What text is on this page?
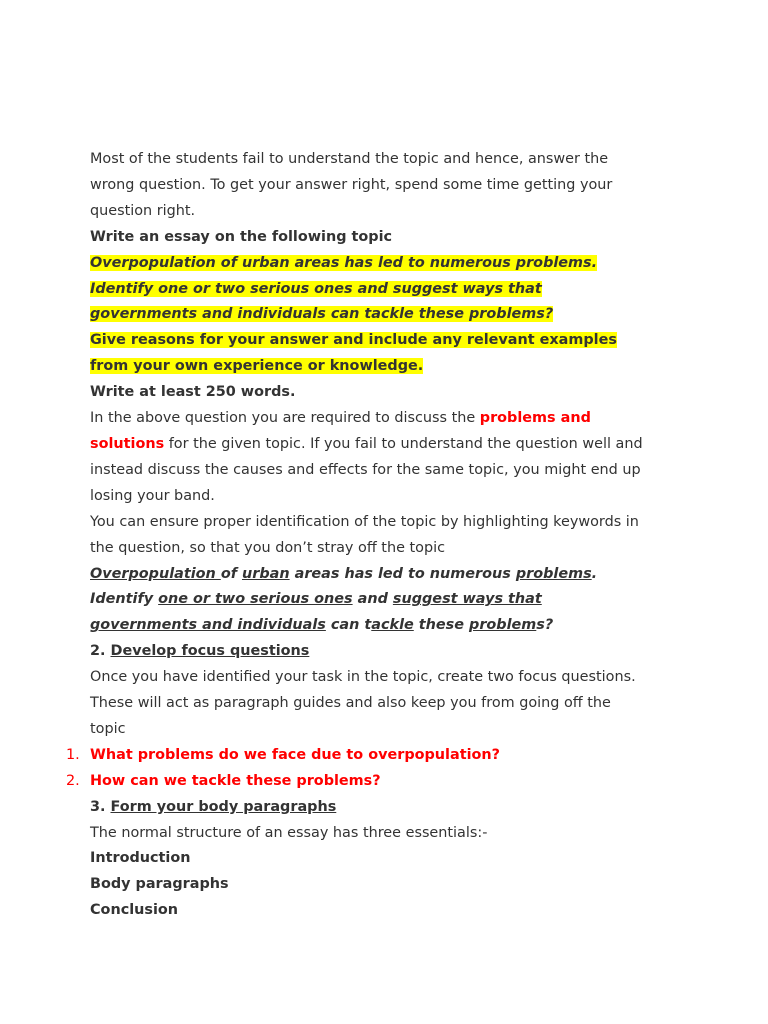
Most of the students fail to understand the topic and hence, answer the

wrong question. To get your answer right, spend some time getting your

question right.

Write an essay on the following topic

Overpopulation of urban areas has led to numerous problems.

Identify one or two serious ones and suggest ways that

governments and individuals can tackle these problems?

Give reasons for your answer and include any relevant examples

from your own experience or knowledge.

Write at least 250 words.

In the above question you are required to discuss the problems and

solutions for the given topic. If you fail to understand the question well and

instead discuss the causes and effects for the same topic, you might end up

losing your band.

You can ensure proper identification of the topic by highlighting keywords in

the question, so that you don’t stray off the topic

Overpopulation of urban areas has led to numerous problems.

Identify one or two serious ones and suggest ways that

governments and individuals can tackle these problems?

2. Develop focus questions

Once you have identified your task in the topic, create two focus questions.

These will act as paragraph guides and also keep you from going off the

topic

1. What problems do we face due to overpopulation?

2. How can we tackle these problems?

3. Form your body paragraphs

The normal structure of an essay has three essentials:-

Introduction

Body paragraphs

Conclusion
